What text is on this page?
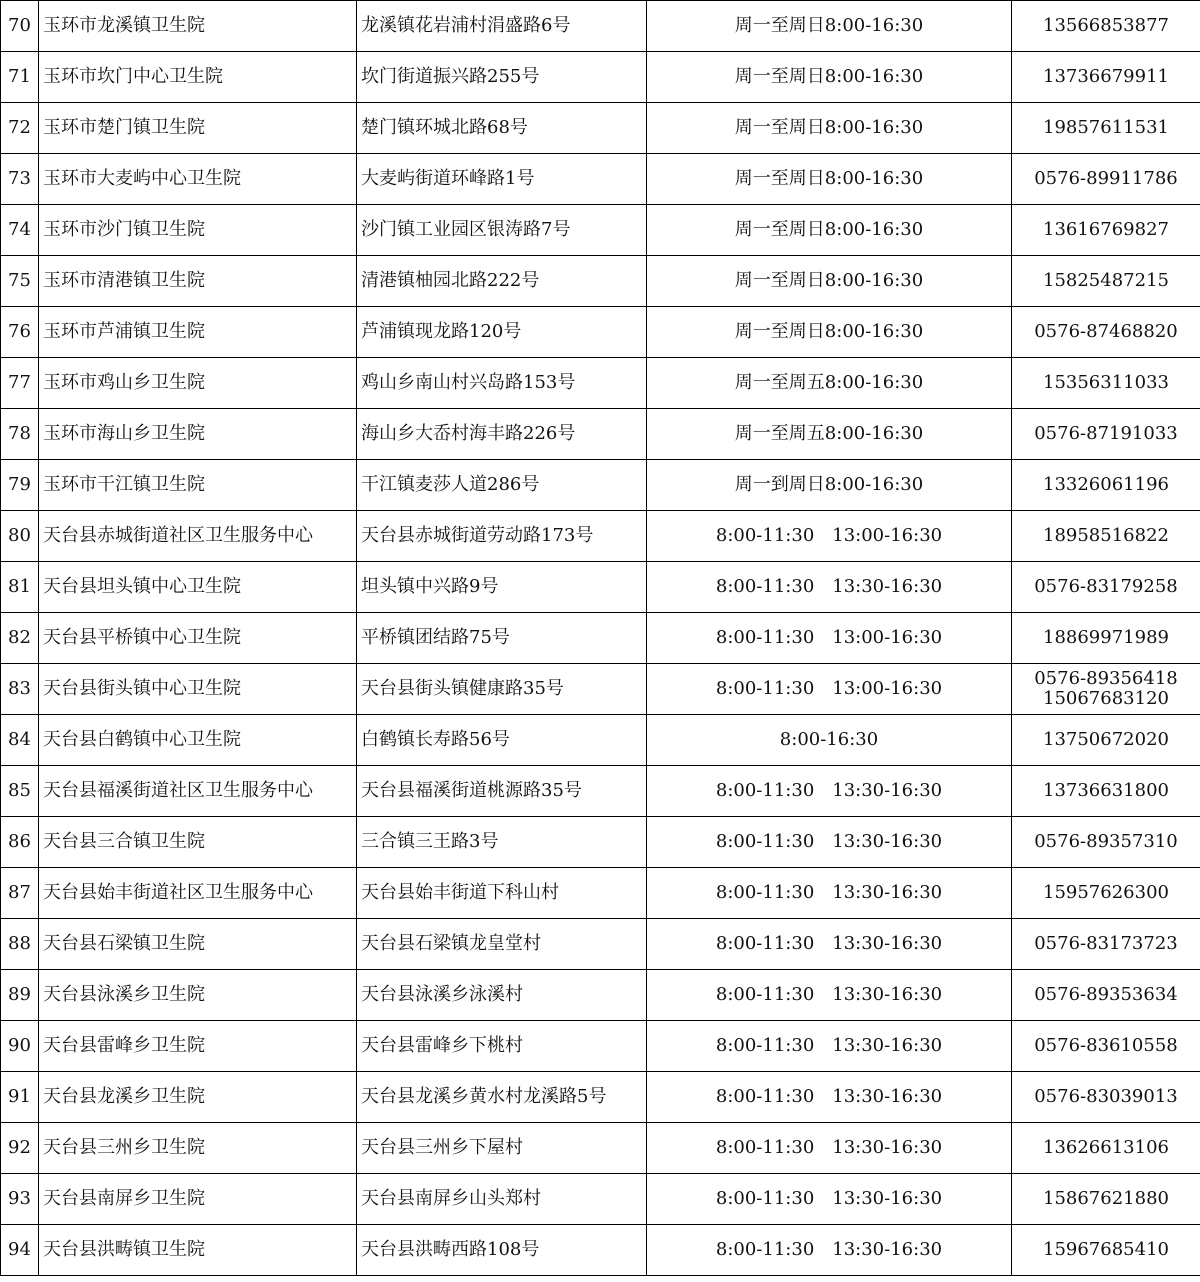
70	玉环市龙溪镇卫生院	龙溪镇花岩浦村涓盛路6号	周一至周日8:00-16:30	13566853877

71	玉环市坎门中心卫生院	坎门街道振兴路255号	周一至周日8:00-16:30	13736679911

72	玉环市楚门镇卫生院	楚门镇环城北路68号	周一至周日8:00-16:30	19857611531

73	玉环市大麦屿中心卫生院	大麦屿街道环峰路1号	周一至周日8:00-16:30	0576-89911786

74	玉环市沙门镇卫生院	沙门镇工业园区银涛路7号	周一至周日8:00-16:30	13616769827

75	玉环市清港镇卫生院	清港镇柚园北路222号	周一至周日8:00-16:30	15825487215

76	玉环市芦浦镇卫生院	芦浦镇现龙路120号	周一至周日8:00-16:30	0576-87468820

77	玉环市鸡山乡卫生院	鸡山乡南山村兴岛路153号	周一至周五8:00-16:30	15356311033

78	玉环市海山乡卫生院	海山乡大岙村海丰路226号	周一至周五8:00-16:30	0576-87191033

79	玉环市干江镇卫生院	干江镇麦莎人道286号	周一到周日8:00-16:30	13326061196

80	天台县赤城街道社区卫生服务中心	天台县赤城街道劳动路173号	8:00-11:30　13:00-16:30	18958516822

81	天台县坦头镇中心卫生院	坦头镇中兴路9号	8:00-11:30　13:30-16:30	0576-83179258

82	天台县平桥镇中心卫生院	平桥镇团结路75号	8:00-11:30　13:00-16:30	18869971989

83	天台县街头镇中心卫生院	天台县街头镇健康路35号	8:00-11:30　13:00-16:30	0576-89356418
15067683120

84	天台县白鹤镇中心卫生院	白鹤镇长寿路56号	8:00-16:30	13750672020

85	天台县福溪街道社区卫生服务中心	天台县福溪街道桃源路35号	8:00-11:30　13:30-16:30	13736631800

86	天台县三合镇卫生院	三合镇三王路3号	8:00-11:30　13:30-16:30	0576-89357310

87	天台县始丰街道社区卫生服务中心	天台县始丰街道下科山村	8:00-11:30　13:30-16:30	15957626300

88	天台县石梁镇卫生院	天台县石梁镇龙皇堂村	8:00-11:30　13:30-16:30	0576-83173723

89	天台县泳溪乡卫生院	天台县泳溪乡泳溪村	8:00-11:30　13:30-16:30	0576-89353634

90	天台县雷峰乡卫生院	天台县雷峰乡下桃村	8:00-11:30　13:30-16:30	0576-83610558

91	天台县龙溪乡卫生院	天台县龙溪乡黄水村龙溪路5号	8:00-11:30　13:30-16:30	0576-83039013

92	天台县三州乡卫生院	天台县三州乡下屋村	8:00-11:30　13:30-16:30	13626613106

93	天台县南屏乡卫生院	天台县南屏乡山头郑村	8:00-11:30　13:30-16:30	15867621880

94	天台县洪畴镇卫生院	天台县洪畴西路108号	8:00-11:30　13:30-16:30	15967685410
